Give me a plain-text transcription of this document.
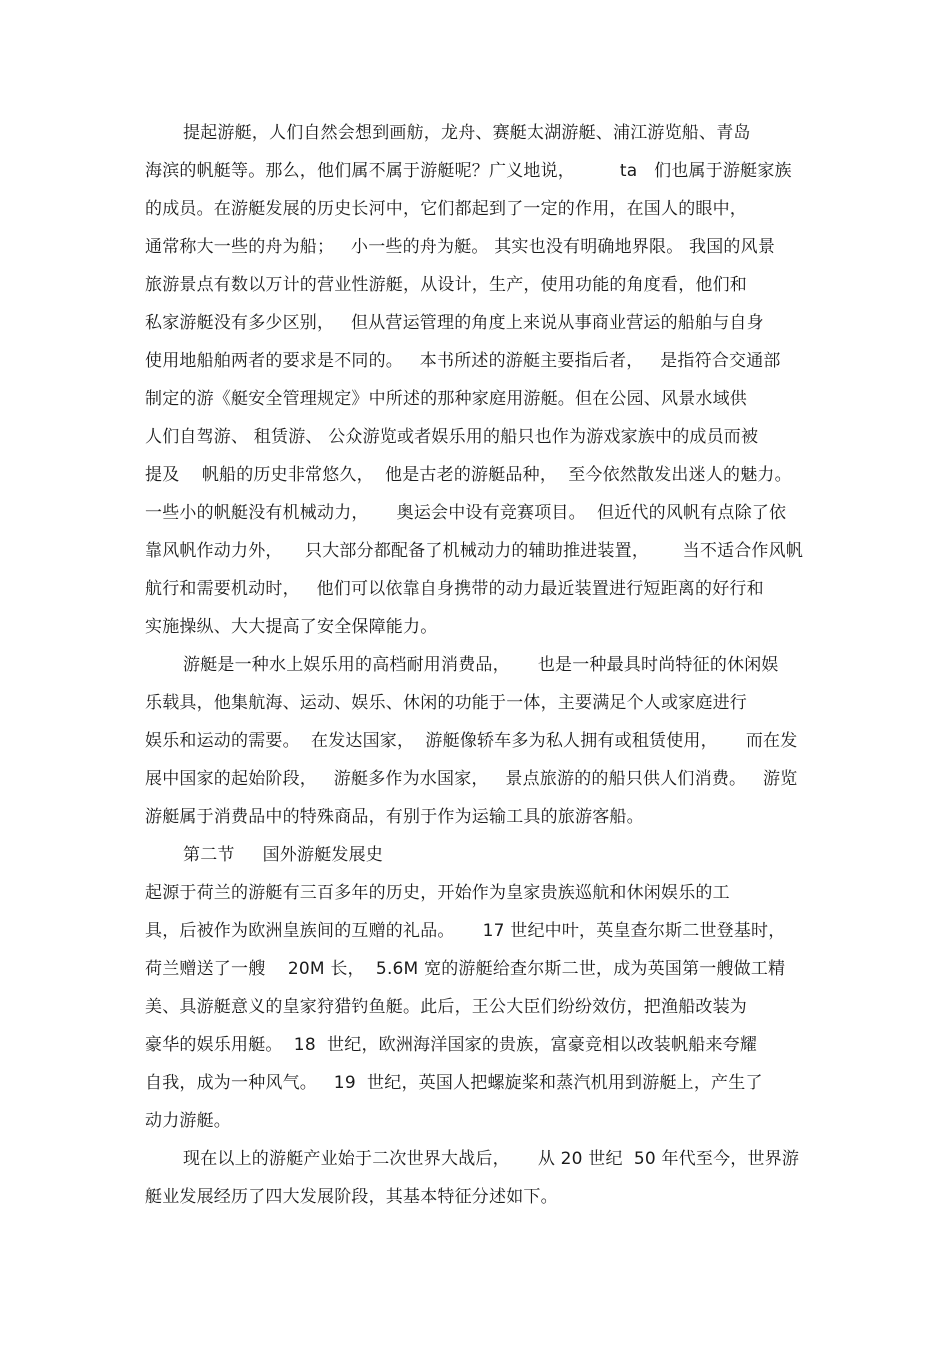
提起游艇，人们自然会想到画舫，龙舟、赛艇太湖游艇、浦江游览船、青岛
海滨的帆艇等。那么，他们属不属于游艇呢？广义地说，        ta   们也属于游艇家族
的成员。在游艇发展的历史长河中，它们都起到了一定的作用，在国人的眼中，
通常称大一些的舟为船；   小一些的舟为艇。 其实也没有明确地界限。 我国的风景
旅游景点有数以万计的营业性游艇，从设计，生产，使用功能的角度看，他们和
私家游艇没有多少区别，   但从营运管理的角度上来说从事商业营运的船舶与自身
使用地船舶两者的要求是不同的。   本书所述的游艇主要指后者，   是指符合交通部
制定的游《艇安全管理规定》中所述的那种家庭用游艇。但在公园、风景水域供
人们自驾游、 租赁游、 公众游览或者娱乐用的船只也作为游戏家族中的成员而被
提及    帆船的历史非常悠久，  他是古老的游艇品种，  至今依然散发出迷人的魅力。
一些小的帆艇没有机械动力，     奥运会中设有竞赛项目。  但近代的风帆有点除了依
靠风帆作动力外，    只大部分都配备了机械动力的辅助推进装置，      当不适合作风帆
航行和需要机动时，   他们可以依靠自身携带的动力最近装置进行短距离的好行和
实施操纵、大大提高了安全保障能力。
游艇是一种水上娱乐用的高档耐用消费品，     也是一种最具时尚特征的休闲娱
乐载具，他集航海、运动、娱乐、休闲的功能于一体，主要满足个人或家庭进行
娱乐和运动的需要。  在发达国家，  游艇像轿车多为私人拥有或租赁使用，     而在发
展中国家的起始阶段，   游艇多作为水国家，   景点旅游的的船只供人们消费。   游览
游艇属于消费品中的特殊商品，有别于作为运输工具的旅游客船。
第二节     国外游艇发展史
起源于荷兰的游艇有三百多年的历史，开始作为皇家贵族巡航和休闲娱乐的工
具，后被作为欧洲皇族间的互赠的礼品。     17 世纪中叶，英皇查尔斯二世登基时，
荷兰赠送了一艘    20M 长，  5.6M 宽的游艇给查尔斯二世，成为英国第一艘做工精
美、具游艇意义的皇家狩猎钓鱼艇。此后，王公大臣们纷纷效仿，把渔船改装为
豪华的娱乐用艇。  18  世纪，欧洲海洋国家的贵族，富豪竞相以改装帆船来夸耀
自我，成为一种风气。   19  世纪，英国人把螺旋桨和蒸汽机用到游艇上，产生了
动力游艇。
现在以上的游艇产业始于二次世界大战后，     从 20 世纪  50 年代至今，世界游
艇业发展经历了四大发展阶段，其基本特征分述如下。
